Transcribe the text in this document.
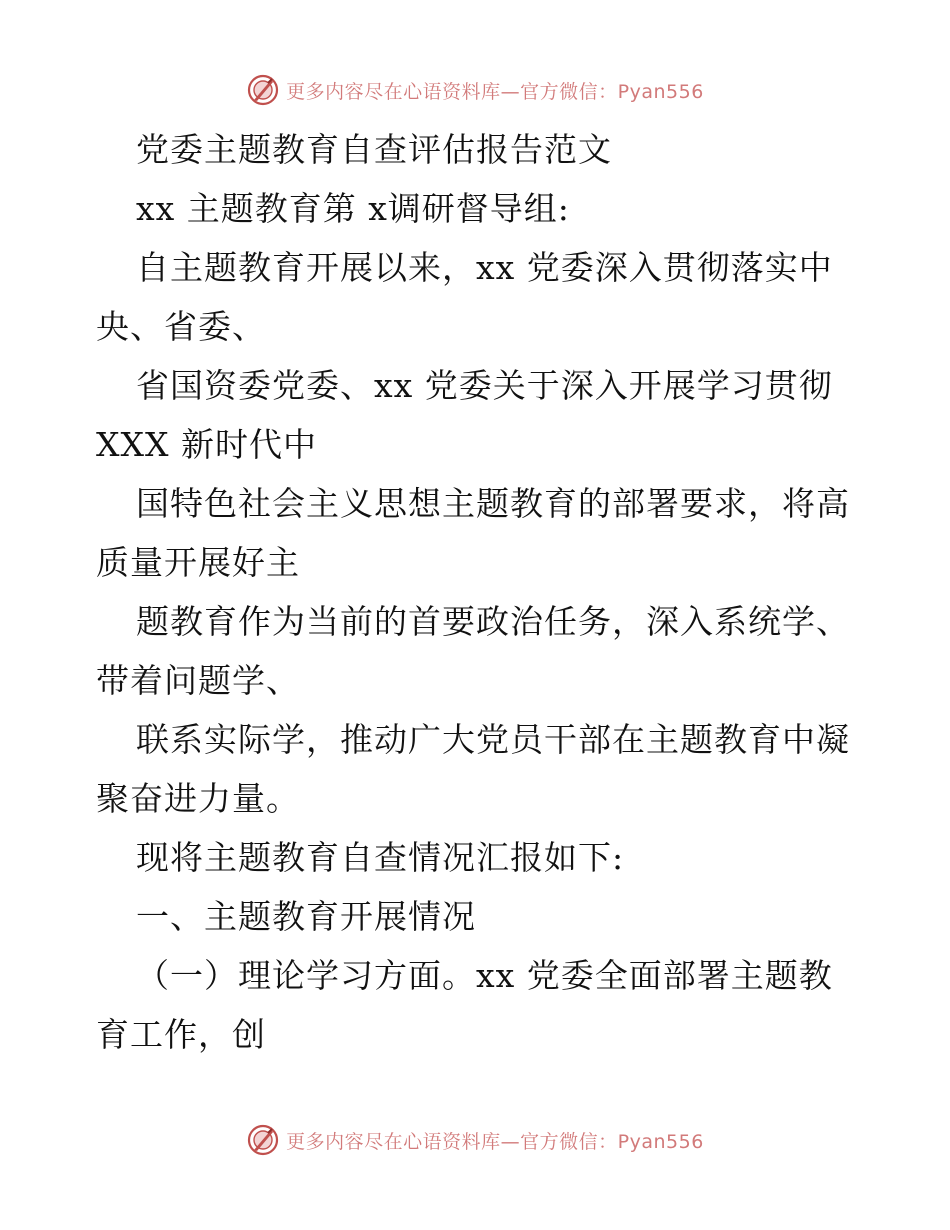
更多内容尽在心语资料库—官方微信：Pyan556
党委主题教育自查评估报告范文
xx 主题教育第 x调研督导组:
自主题教育开展以来，xx 党委深入贯彻落实中
央、省委、
省国资委党委、xx 党委关于深入开展学习贯彻
XXX 新时代中
国特色社会主义思想主题教育的部署要求，将高
质量开展好主
题教育作为当前的首要政治任务，深入系统学、
带着问题学、
联系实际学，推动广大党员干部在主题教育中凝
聚奋进力量。
现将主题教育自查情况汇报如下:
一、主题教育开展情况
（一）理论学习方面。xx 党委全面部署主题教
育工作，创
更多内容尽在心语资料库—官方微信：Pyan556
